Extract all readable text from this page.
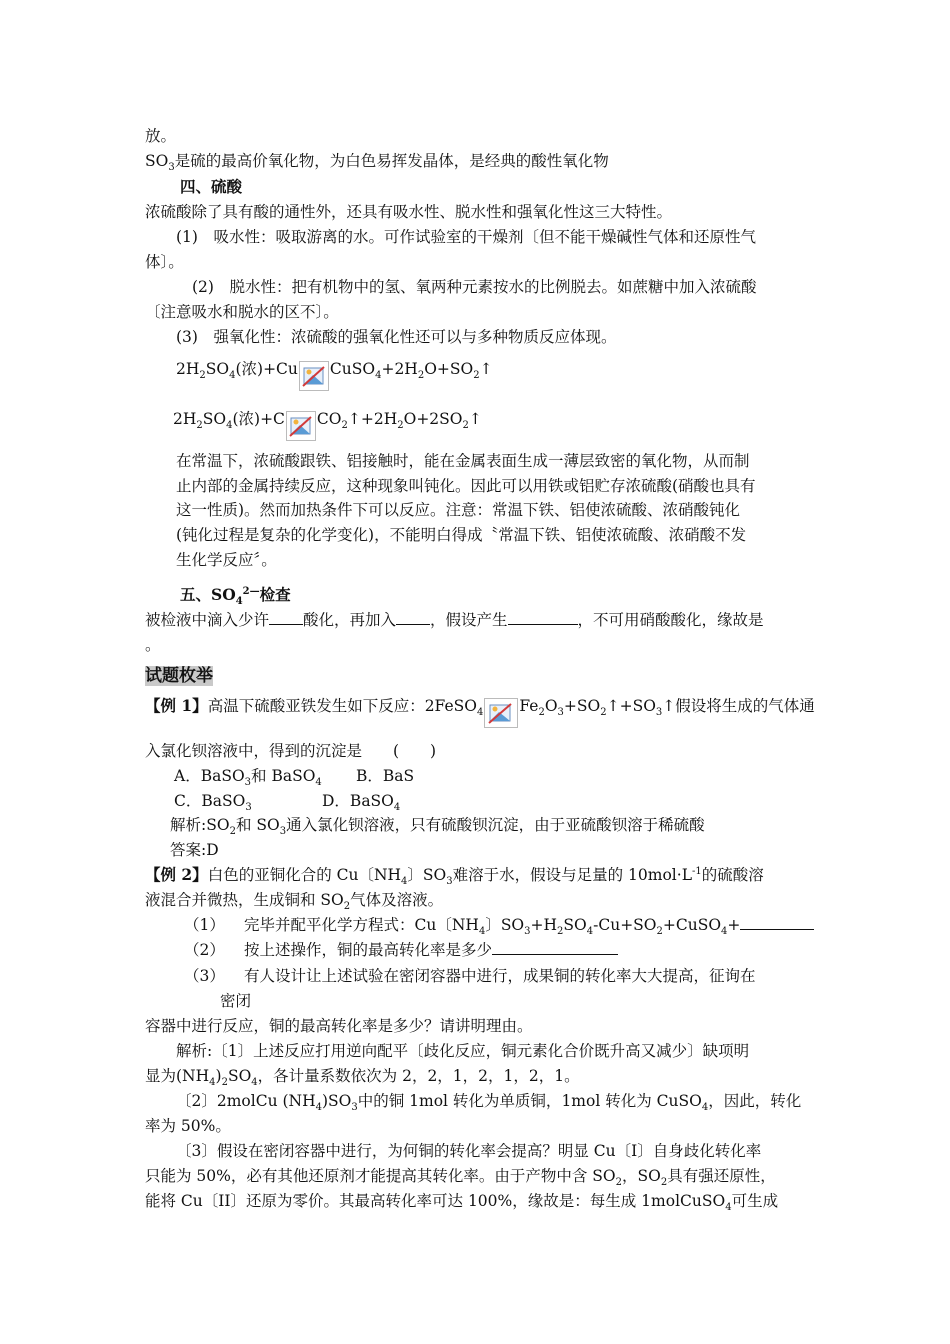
放。
$SO_3$是硫的最高价氧化物，为白色易挥发晶体，是经典的酸性氧化物
四、硫酸
浓硫酸除了具有酸的通性外，还具有吸水性、脱水性和强氧化性这三大特性。
(1)　吸水性：吸取游离的水。可作试验室的干燥剂〔但不能干燥碱性气体和还原性气
体〕。
(2)　脱水性：把有机物中的氢、氧两种元素按水的比例脱去。如蔗糖中加入浓硫酸
〔注意吸水和脱水的区不〕。
(3)　强氧化性：浓硫酸的强氧化性还可以与多种物质反应体现。
$2H_2SO_4$(浓)+Cu $CuSO_4+2H_2O+SO_2↑$
$2H_2SO_4$(浓)+C $CO_2↑+2H_2O+2SO_2↑$
在常温下，浓硫酸跟铁、铝接触时，能在金属表面生成一薄层致密的氧化物，从而制
止内部的金属持续反应，这种现象叫钝化。因此可以用铁或铝贮存浓硫酸(硝酸也具有
这一性质)。然而加热条件下可以反应。注意：常温下铁、铝使浓硫酸、浓硝酸钝化
(钝化过程是复杂的化学变化)，不能明白得成〝常温下铁、铝使浓硫酸、浓硝酸不发
生化学反应〞。
五、$SO_4^{2—}$检查
被检液中滴入少许 酸化，再加入 ，假设产生	，不可用硝酸酸化，缘故是
。
试题枚举
【例 1】高温下硫酸亚铁发生如下反应：2FeSO$_4$ $Fe_2O_3+SO_2↑+SO_3↑$假设将生成的气体通
入氯化钡溶液中，得到的沉淀是　　(　　)
A．BaSO$_3$和 BaSO$_4$ B．BaS
C．BaSO$_3$	D．BaSO$_4$
解析$:SO_2$和 $SO_3$通入氯化钡溶液，只有硫酸钡沉淀，由于亚硫酸钡溶于稀硫酸
答案:D
【例 2】白色的亚铜化合的 Cu〔$NH_4$〕$SO_3$难溶于水，假设与足量的 $10mol\cdot L^{-1}$的硫酸溶
液混合并微热，生成铜和 $SO_2$气体及溶液。
（1） 完毕并配平化学方程式：Cu〔$NH_4$〕$SO_3+H_2SO_4-Cu+SO_2+CuSO_4+$
（2） 按上述操作，铜的最高转化率是多少
（3） 有人设计让上述试验在密闭容器中进行，成果铜的转化率大大提高，征询在
密闭
容器中进行反应，铜的最高转化率是多少？请讲明理由。
解析:〔1〕上述反应打用逆向配平〔歧化反应，铜元素化合价既升高又减少〕缺项明
显为$(NH_4)_2SO_4$，各计量系数依次为 2，2，1，2，1，2，1。
〔2〕2molCu $(NH_4)SO_3$中的铜 1mol 转化为单质铜，1mol 转化为 CuSO$_4$，因此，转化
率为 50%。
〔3〕假设在密闭容器中进行，为何铜的转化率会提高？明显 Cu〔I〕自身歧化转化率
只能为 50%，必有其他还原剂才能提高其转化率。由于产物中含 $SO_2$，$SO_2$具有强还原性，
能将 Cu〔II〕还原为零价。其最高转化率可达 100%，缘故是：每生成 1molCuSO$_4$可生成
